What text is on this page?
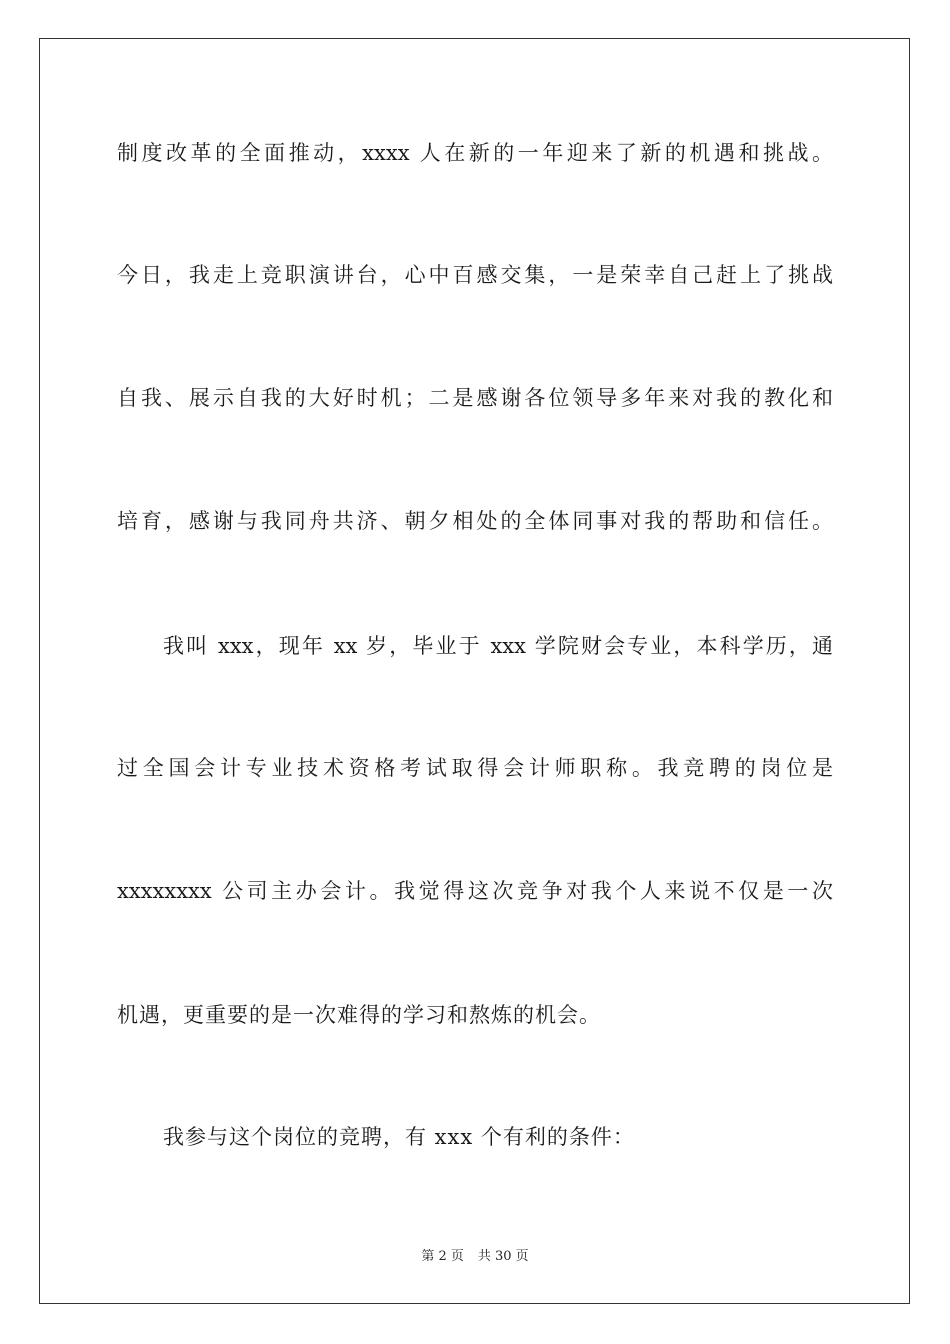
制度改革的全面推动，xxxx 人在新的一年迎来了新的机遇和挑战。
今日，我走上竞职演讲台，心中百感交集，一是荣幸自己赶上了挑战
自我、展示自我的大好时机；二是感谢各位领导多年来对我的教化和
培育，感谢与我同舟共济、朝夕相处的全体同事对我的帮助和信任。
我叫 xxx，现年 xx 岁，毕业于 xxx 学院财会专业，本科学历，通
过全国会计专业技术资格考试取得会计师职称。我竞聘的岗位是
xxxxxxxx 公司主办会计。我觉得这次竞争对我个人来说不仅是一次
机遇，更重要的是一次难得的学习和熬炼的机会。
我参与这个岗位的竞聘，有 xxx 个有利的条件：
第 2 页 共 30 页
